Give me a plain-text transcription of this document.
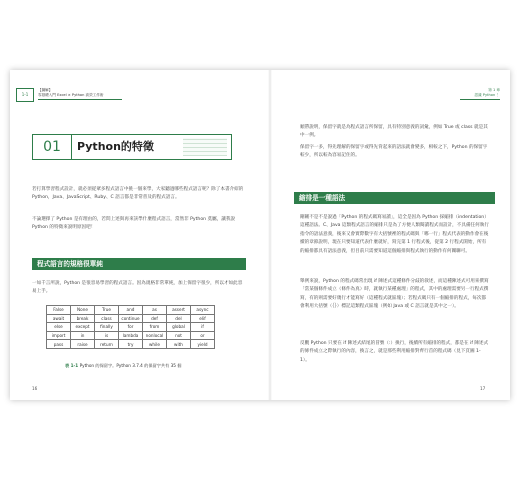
1-1
【圖解】
零基礎入門 Excel × Python 高效工作術
第 1 章
認識 Python ！
01	Python的特徵
若打算學習程式設計，就必須從眾多程式語言中挑一個來學，大家聽過哪些程式語言呢？除了本書介紹的 Python，Java、JavaScript、Ruby、C 語言都是非常普及的程式語言。
不論選擇了 Python 是有理由的，若問上述與再來該學什麼程式語言，當然非 Python 莫屬，讓我說 Python 的特徵來說明原因吧！
程式語言的規格很單純
一如千言所說，Python 是很容易學習的程式語言。因為規格非常單純，加上保留字很少，所以才如此容易上手。
False	None	True	and	as	assert	async
await	break	class	continue	def	del	elif
else	except	finally	for	from	global	if
import	in	is	lambda	nonlocal	not	or
pass	raise	return	try	while	with	yield
表 1-1 Python 的保留字。Python 3.7.4 的保留字共有 35 個
16
順帶說明，保留字就是為程式語言所保留，具有特別意義的詞彙，例如 True 或 class 就是其中一例。
保留字一多，得先理解的保留字或得先背起來的語法就會變多，相較之下，Python 的保留字較少，所以較為容易記住的。
縮排是一種語法
剛剛不是不是說過「Python 的程式碼寫易讀」，這全是因為 Python 採縮排（indentation）這種語法。C、Java 這類程式語言的縮排只是為了方便人類閱讀程式而設計，不具備任何執行指令的語法意義，後來又會實際數字有大括號裡的程式碼與「哪一行」程式代表的動作會在後續的章節說明，現在只要知道代表什麼就好，寫完第 1 行程式後，從第 2 行程式開始，所有的縮排都具有語法意義，但目前只需要知道這個縮排與程式執行的動作有何關聯可。
舉例來說，Python 的程式碼常出現 if 陳述式這種條件分歧的敘述，而這種陳述式可用來撰寫「當某個條件成立（條件為真）時，就執行某種處理」的程式，其中的處理需要另一行程式撰寫，有的則需要好幾行才能寫好（這種程式就區塊）；若程式碼只有一個縮排的程式，每次都會利用大括號（｛｝）標記這類程式區塊（例如 Java 或 C 語言就是其中之一）。
反觀 Python 只要在 if 陳述式結尾的冒號（:）換行，後續所有縮排的程式，都是在 if 陳述式的條件成立之際執行的內容，換言之，就是那些利用縮排對齊行首的程式碼（見下頁圖 1-1）。
17
